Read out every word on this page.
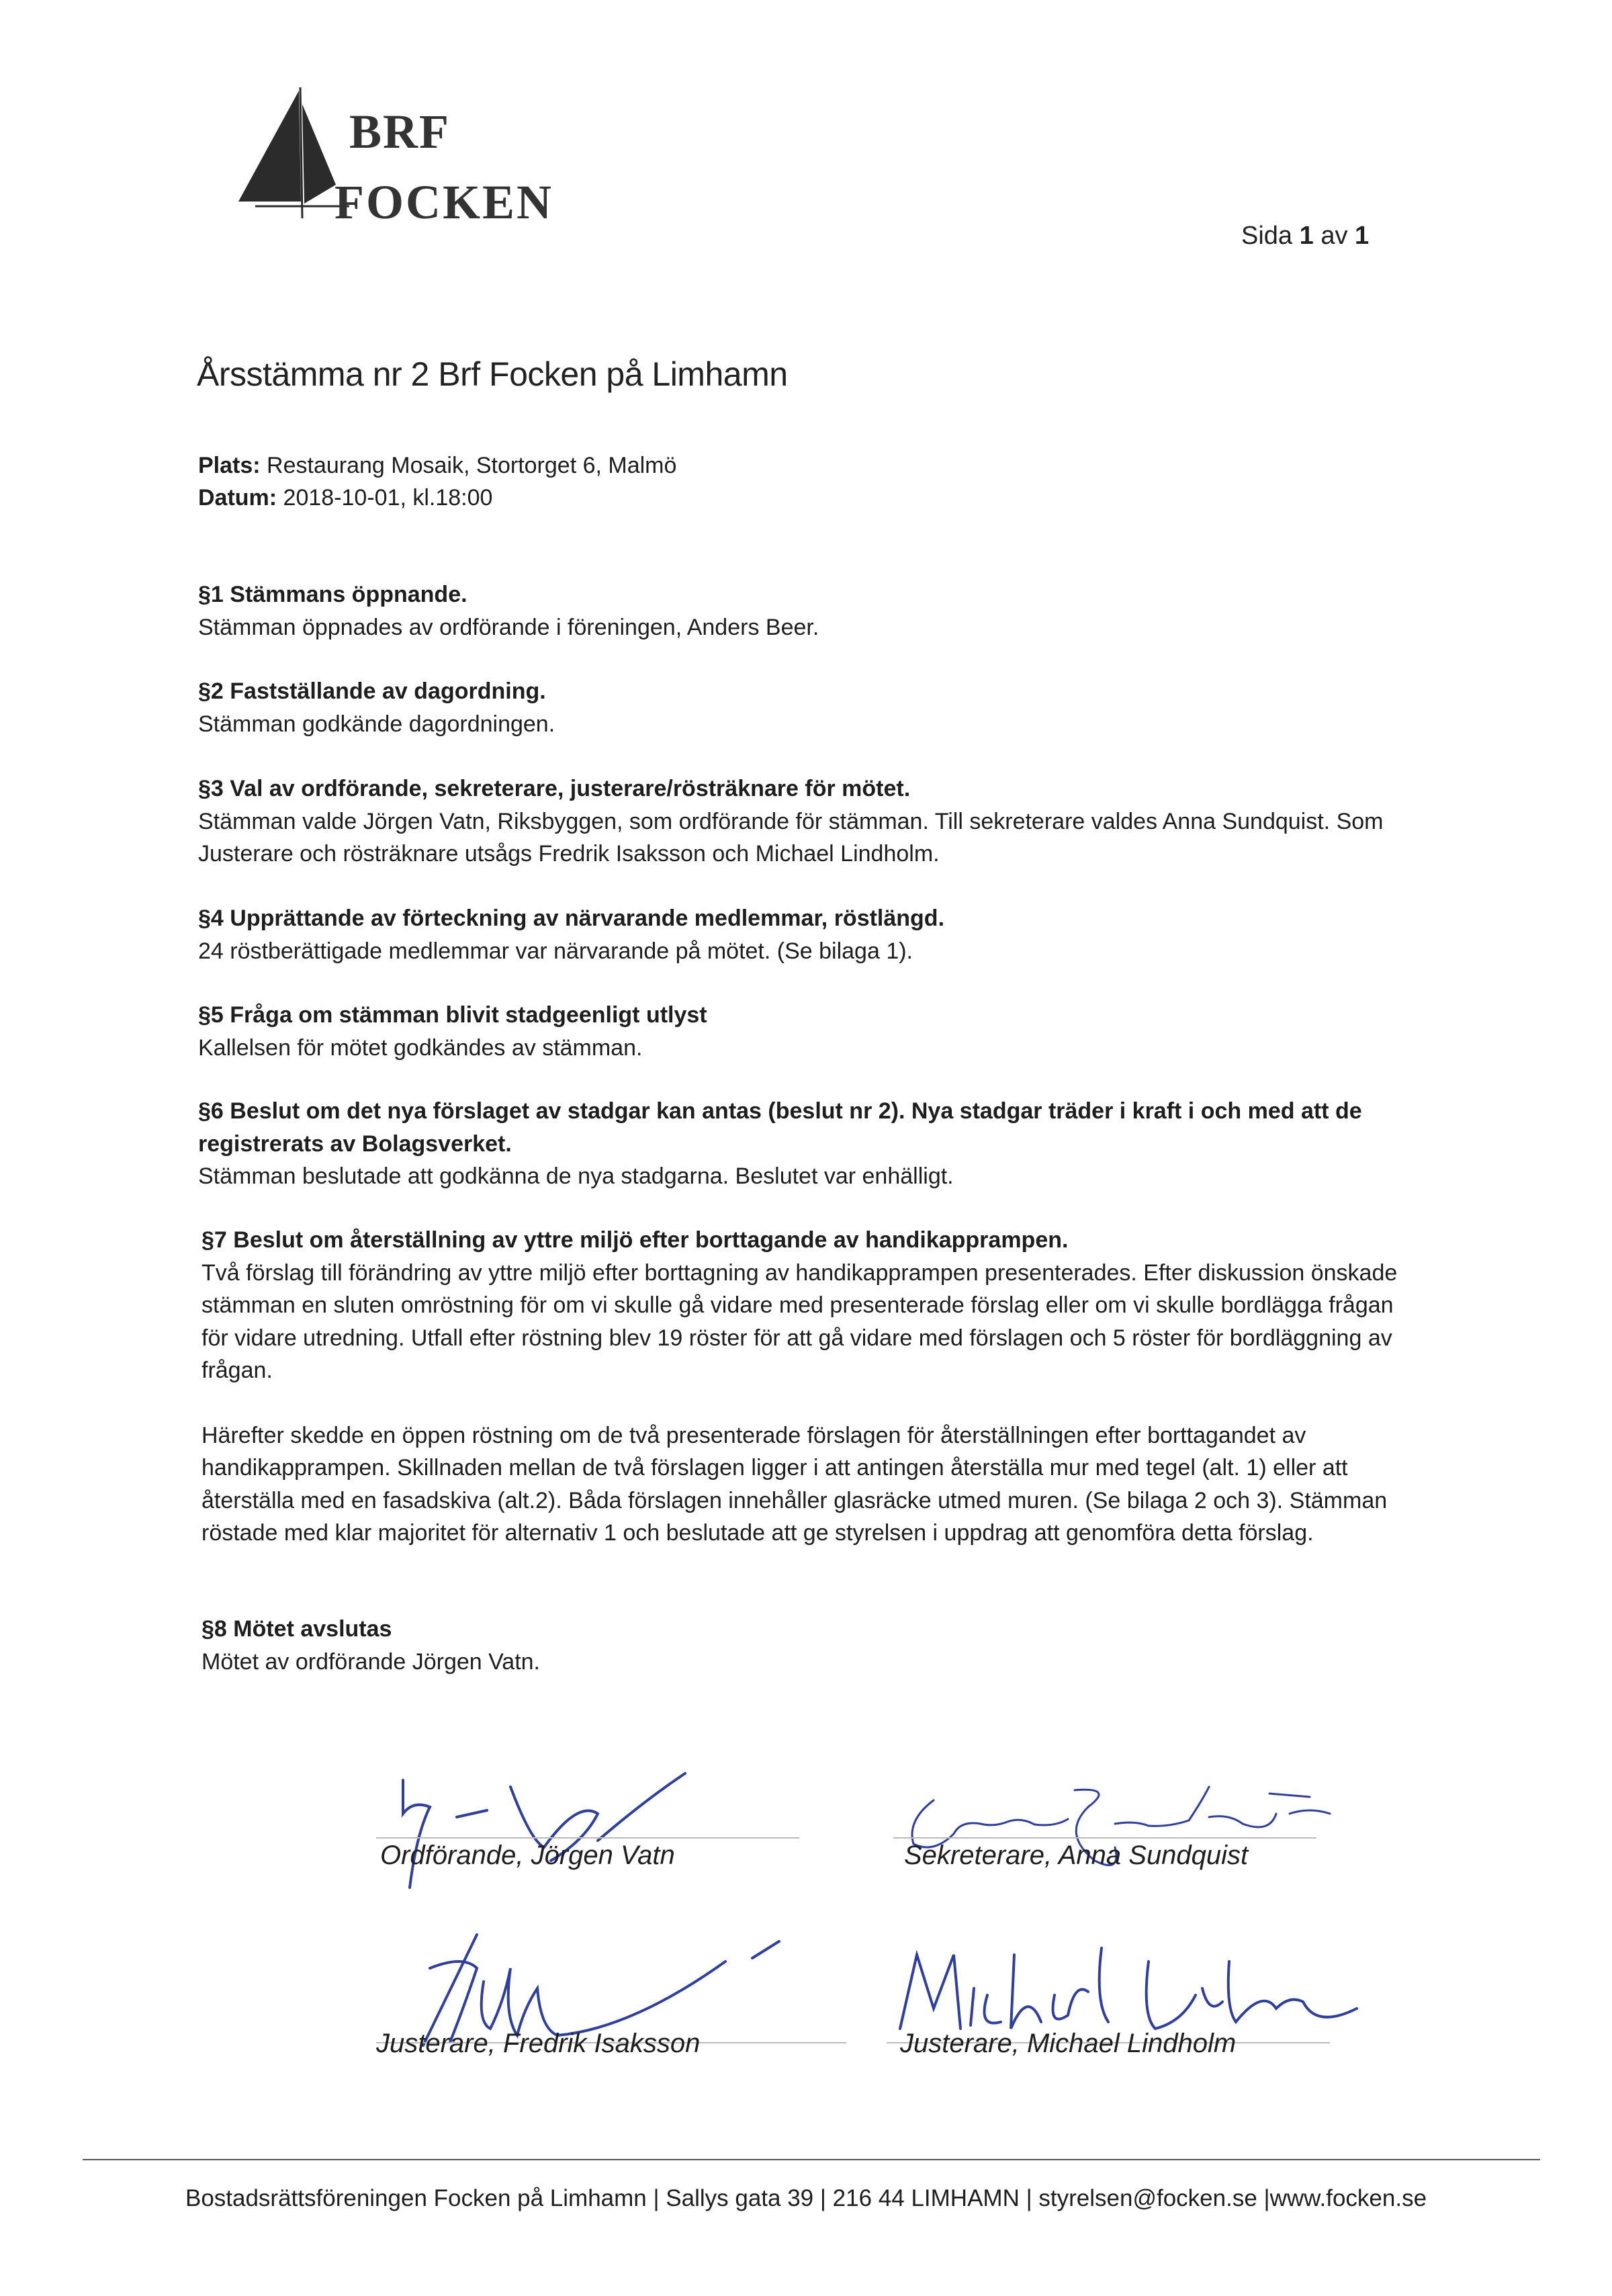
BRF
FOCKEN
Sida 1 av 1
Årsstämma nr 2 Brf Focken på Limhamn
Plats: Restaurang Mosaik, Stortorget 6, Malmö
Datum: 2018-10-01, kl.18:00

§1 Stämmans öppnande.

Stämman öppnades av ordförande i föreningen, Anders Beer.

§2 Fastställande av dagordning.

Stämman godkände dagordningen.

§3 Val av ordförande, sekreterare, justerare/rösträknare för mötet.

Stämman valde Jörgen Vatn, Riksbyggen, som ordförande för stämman. Till sekreterare valdes Anna Sundquist. Som Justerare och rösträknare utsågs Fredrik Isaksson och Michael Lindholm.

§4 Upprättande av förteckning av närvarande medlemmar, röstlängd.

24 röstberättigade medlemmar var närvarande på mötet. (Se bilaga 1).

§5 Fråga om stämman blivit stadgeenligt utlyst

Kallelsen för mötet godkändes av stämman.

§6 Beslut om det nya förslaget av stadgar kan antas (beslut nr 2). Nya stadgar träder i kraft i och med att de registrerats av Bolagsverket.

Stämman beslutade att godkänna de nya stadgarna. Beslutet var enhälligt.

§7 Beslut om återställning av yttre miljö efter borttagande av handikapprampen.

Två förslag till förändring av yttre miljö efter borttagning av handikapprampen presenterades. Efter diskussion önskade stämman en sluten omröstning för om vi skulle gå vidare med presenterade förslag eller om vi skulle bordlägga frågan för vidare utredning. Utfall efter röstning blev 19 röster för att gå vidare med förslagen och 5 röster för bordläggning av frågan.

Härefter skedde en öppen röstning om de två presenterade förslagen för återställningen efter borttagandet av handikapprampen. Skillnaden mellan de två förslagen ligger i att antingen återställa mur med tegel (alt. 1) eller att återställa med en fasadskiva (alt.2). Båda förslagen innehåller glasräcke utmed muren. (Se bilaga 2 och 3). Stämman röstade med klar majoritet för alternativ 1 och beslutade att ge styrelsen i uppdrag att genomföra detta förslag.

§8 Mötet avslutas

Mötet av ordförande Jörgen Vatn.

Ordförande, Jörgen Vatn	Sekreterare, Anna Sundquist
Justerare, Fredrik Isaksson	Justerare, Michael Lindholm
Bostadsrättsföreningen Focken på Limhamn | Sallys gata 39 | 216 44 LIMHAMN | styrelsen@focken.se |www.focken.se
